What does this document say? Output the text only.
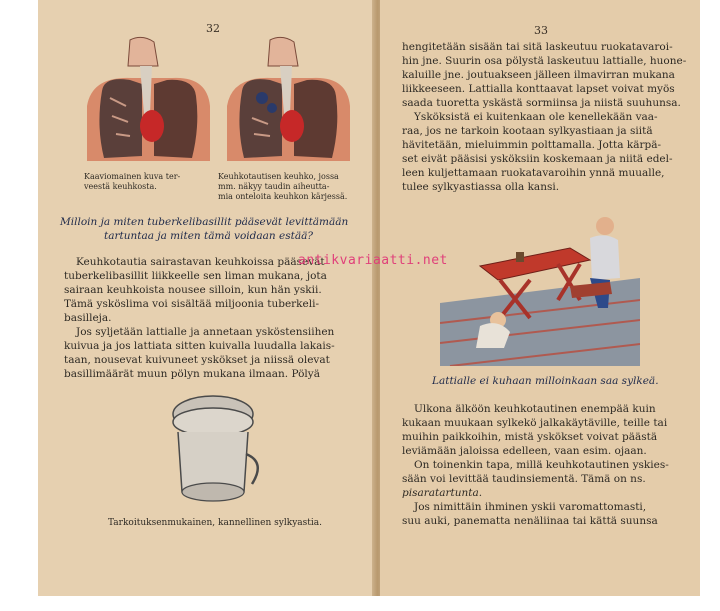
32
Kaaviomainen kuva ter-
veestä keuhkosta.
Keuhkotautisen keuhko, jossa
mm. näkyy taudin aiheutta-
mia onteloita keuhkon kärjessä.
Milloin ja miten tuberkelibasillit pääsevät levittämään
tartuntaa ja miten tämä voidaan estää?

Keuhkotautia sairastavan keuhkoissa pääsevät
tuberkelibasillit liikkeelle sen liman mukana, jota
sairaan keuhkoista nousee silloin, kun hän yskii.
Tämä ysköslima voi sisältää miljoonia tuberkeli-
basilleja.

Jos syljetään lattialle ja annetaan ysköstensiihen
kuivua ja jos lattiata sitten kuivalla luudalla lakais-
taan, nousevat kuivuneet yskökset ja niissä olevat
basillimäärät muun pölyn mukana ilmaan. Pölyä

Tarkoituksenmukainen, kannellinen sylkyastia.
33

hengitetään sisään tai sitä laskeutuu ruokatavaroi-
hin jne. Suurin osa pölystä laskeutuu lattialle, huone-
kaluille jne. joutuakseen jälleen ilmavirran mukana
liikkeeseen. Lattialla konttaavat lapset voivat myös
saada tuoretta yskästä sormiinsa ja niistä suuhunsa.

Ysköksistä ei kuitenkaan ole kenellekään vaa-
raa, jos ne tarkoin kootaan sylkyastiaan ja siitä
hävitetään, mieluimmin polttamalla. Jotta kärpä-
set eivät pääsisi ysköksiin koskemaan ja niitä edel-
leen kuljettamaan ruokatavaroihin ynnä muualle,
tulee sylkyastiassa olla kansi.

Lattialle ei kuhaan milloinkaan saa sylkeä.

Ulkona älköön keuhkotautinen enempää kuin
kukaan muukaan sylkekö jalkakäytäville, teille tai
muihin paikkoihin, mistä yskökset voivat päästä
leviämään jaloissa edelleen, vaan esim. ojaan.

On toinenkin tapa, millä keuhkotautinen yskies-
sään voi levittää taudinsiementä. Tämä on ns.
pisaratartunta.

Jos nimittäin ihminen yskii varomattomasti,
suu auki, panematta nenäliinaa tai kättä suunsa

antikvariaatti.net
